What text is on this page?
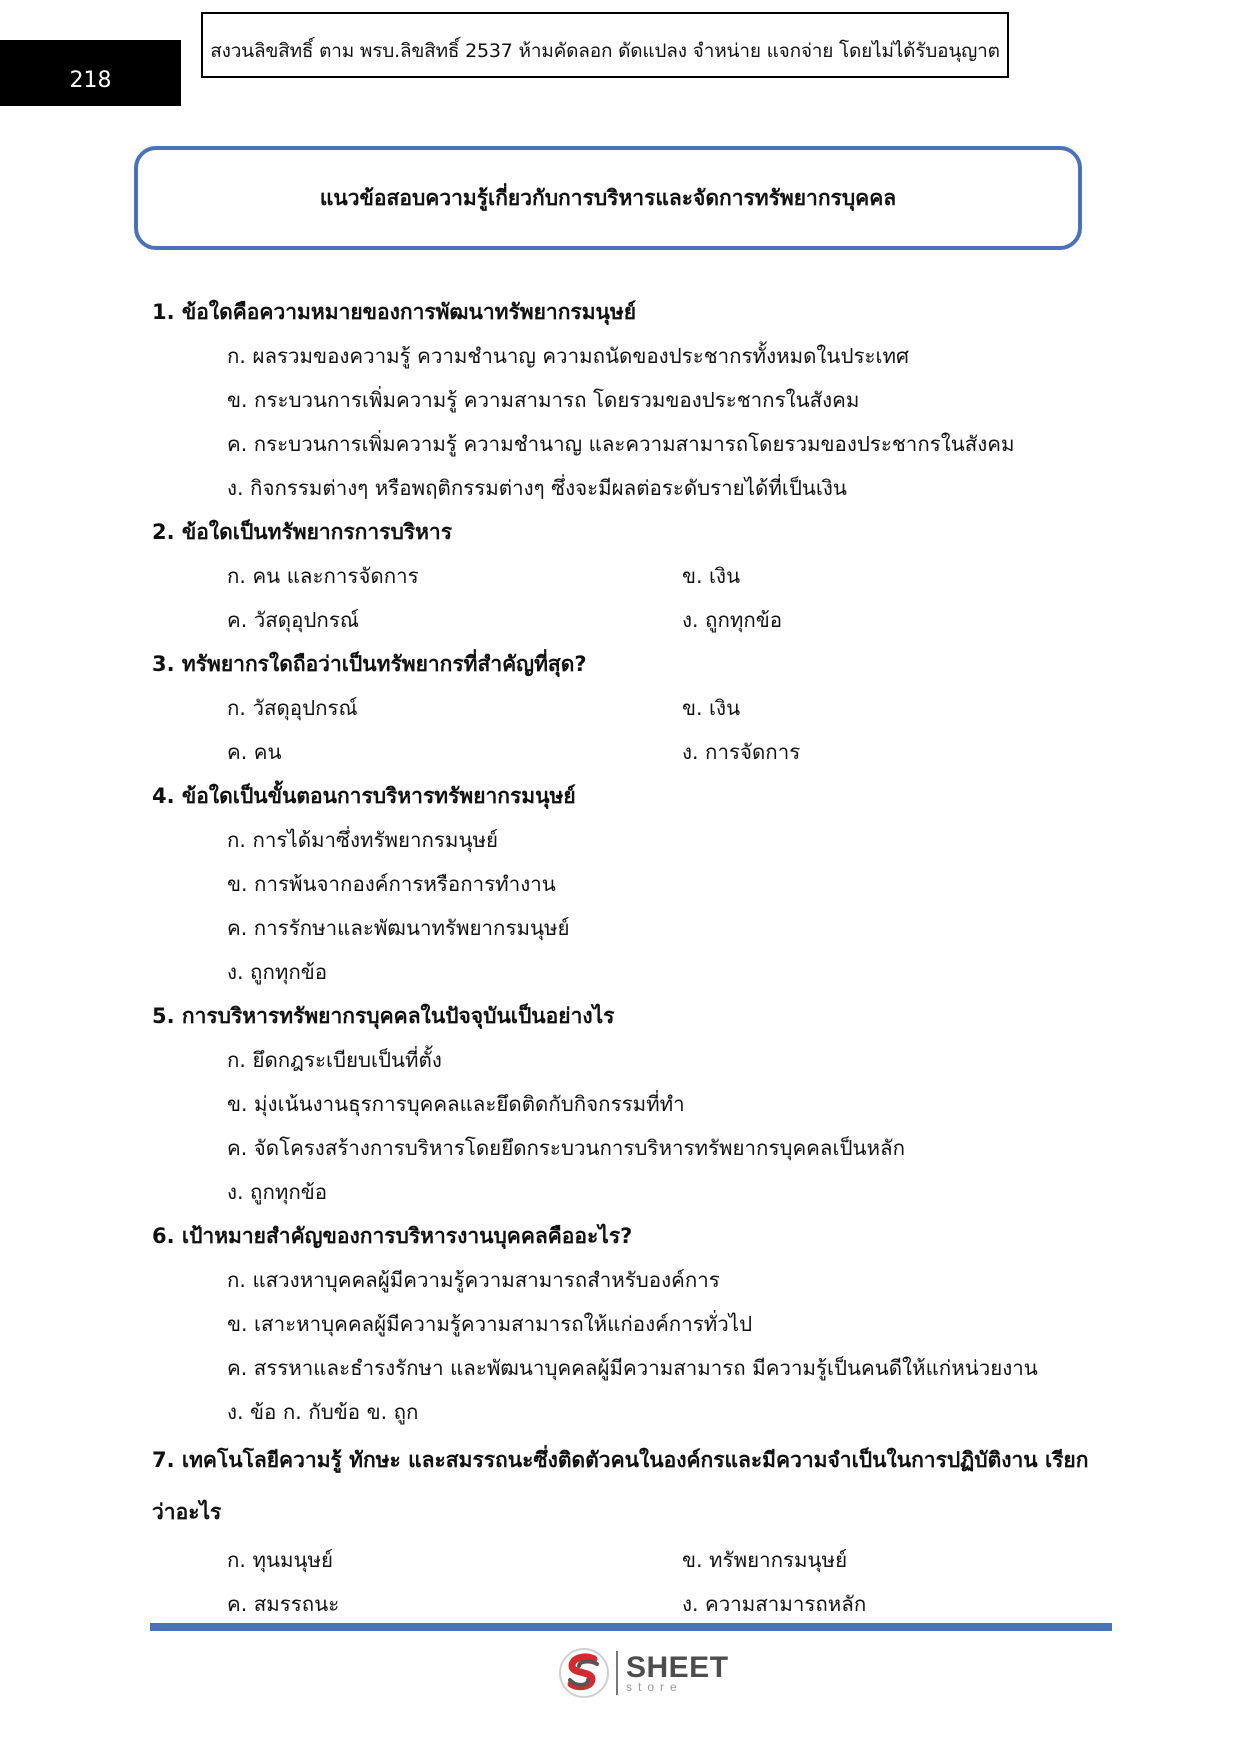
218
สงวนลิขสิทธิ์ ตาม พรบ.ลิขสิทธิ์ 2537 ห้ามคัดลอก ดัดแปลง จำหน่าย แจกจ่าย โดยไม่ได้รับอนุญาต
แนวข้อสอบความรู้เกี่ยวกับการบริหารและจัดการทรัพยากรบุคคล
1. ข้อใดคือความหมายของการพัฒนาทรัพยากรมนุษย์
ก. ผลรวมของความรู้ ความชำนาญ ความถนัดของประชากรทั้งหมดในประเทศ
ข. กระบวนการเพิ่มความรู้ ความสามารถ โดยรวมของประชากรในสังคม
ค. กระบวนการเพิ่มความรู้ ความชำนาญ และความสามารถโดยรวมของประชากรในสังคม
ง. กิจกรรมต่างๆ หรือพฤติกรรมต่างๆ ซึ่งจะมีผลต่อระดับรายได้ที่เป็นเงิน
2. ข้อใดเป็นทรัพยากรการบริหาร
ก. คน และการจัดการ	ข. เงิน
ค. วัสดุอุปกรณ์	ง. ถูกทุกข้อ
3. ทรัพยากรใดถือว่าเป็นทรัพยากรที่สำคัญที่สุด?
ก. วัสดุอุปกรณ์	ข. เงิน
ค. คน	ง. การจัดการ
4. ข้อใดเป็นขั้นตอนการบริหารทรัพยากรมนุษย์
ก. การได้มาซึ่งทรัพยากรมนุษย์
ข. การพ้นจากองค์การหรือการทำงาน
ค. การรักษาและพัฒนาทรัพยากรมนุษย์
ง. ถูกทุกข้อ
5. การบริหารทรัพยากรบุคคลในปัจจุบันเป็นอย่างไร
ก. ยึดกฎระเบียบเป็นที่ตั้ง
ข. มุ่งเน้นงานธุรการบุคคลและยึดติดกับกิจกรรมที่ทำ
ค. จัดโครงสร้างการบริหารโดยยึดกระบวนการบริหารทรัพยากรบุคคลเป็นหลัก
ง. ถูกทุกข้อ
6. เป้าหมายสำคัญของการบริหารงานบุคคลคืออะไร?
ก. แสวงหาบุคคลผู้มีความรู้ความสามารถสำหรับองค์การ
ข. เสาะหาบุคคลผู้มีความรู้ความสามารถให้แก่องค์การทั่วไป
ค. สรรหาและธำรงรักษา และพัฒนาบุคคลผู้มีความสามารถ มีความรู้เป็นคนดีให้แก่หน่วยงาน
ง. ข้อ ก. กับข้อ ข. ถูก
7. เทคโนโลยีความรู้ ทักษะ และสมรรถนะซึ่งติดตัวคนในองค์กรและมีความจำเป็นในการปฏิบัติงาน เรียกว่าอะไร
ก. ทุนมนุษย์	ข. ทรัพยากรมนุษย์
ค. สมรรถนะ	ง. ความสามารถหลัก
SHEET
store
